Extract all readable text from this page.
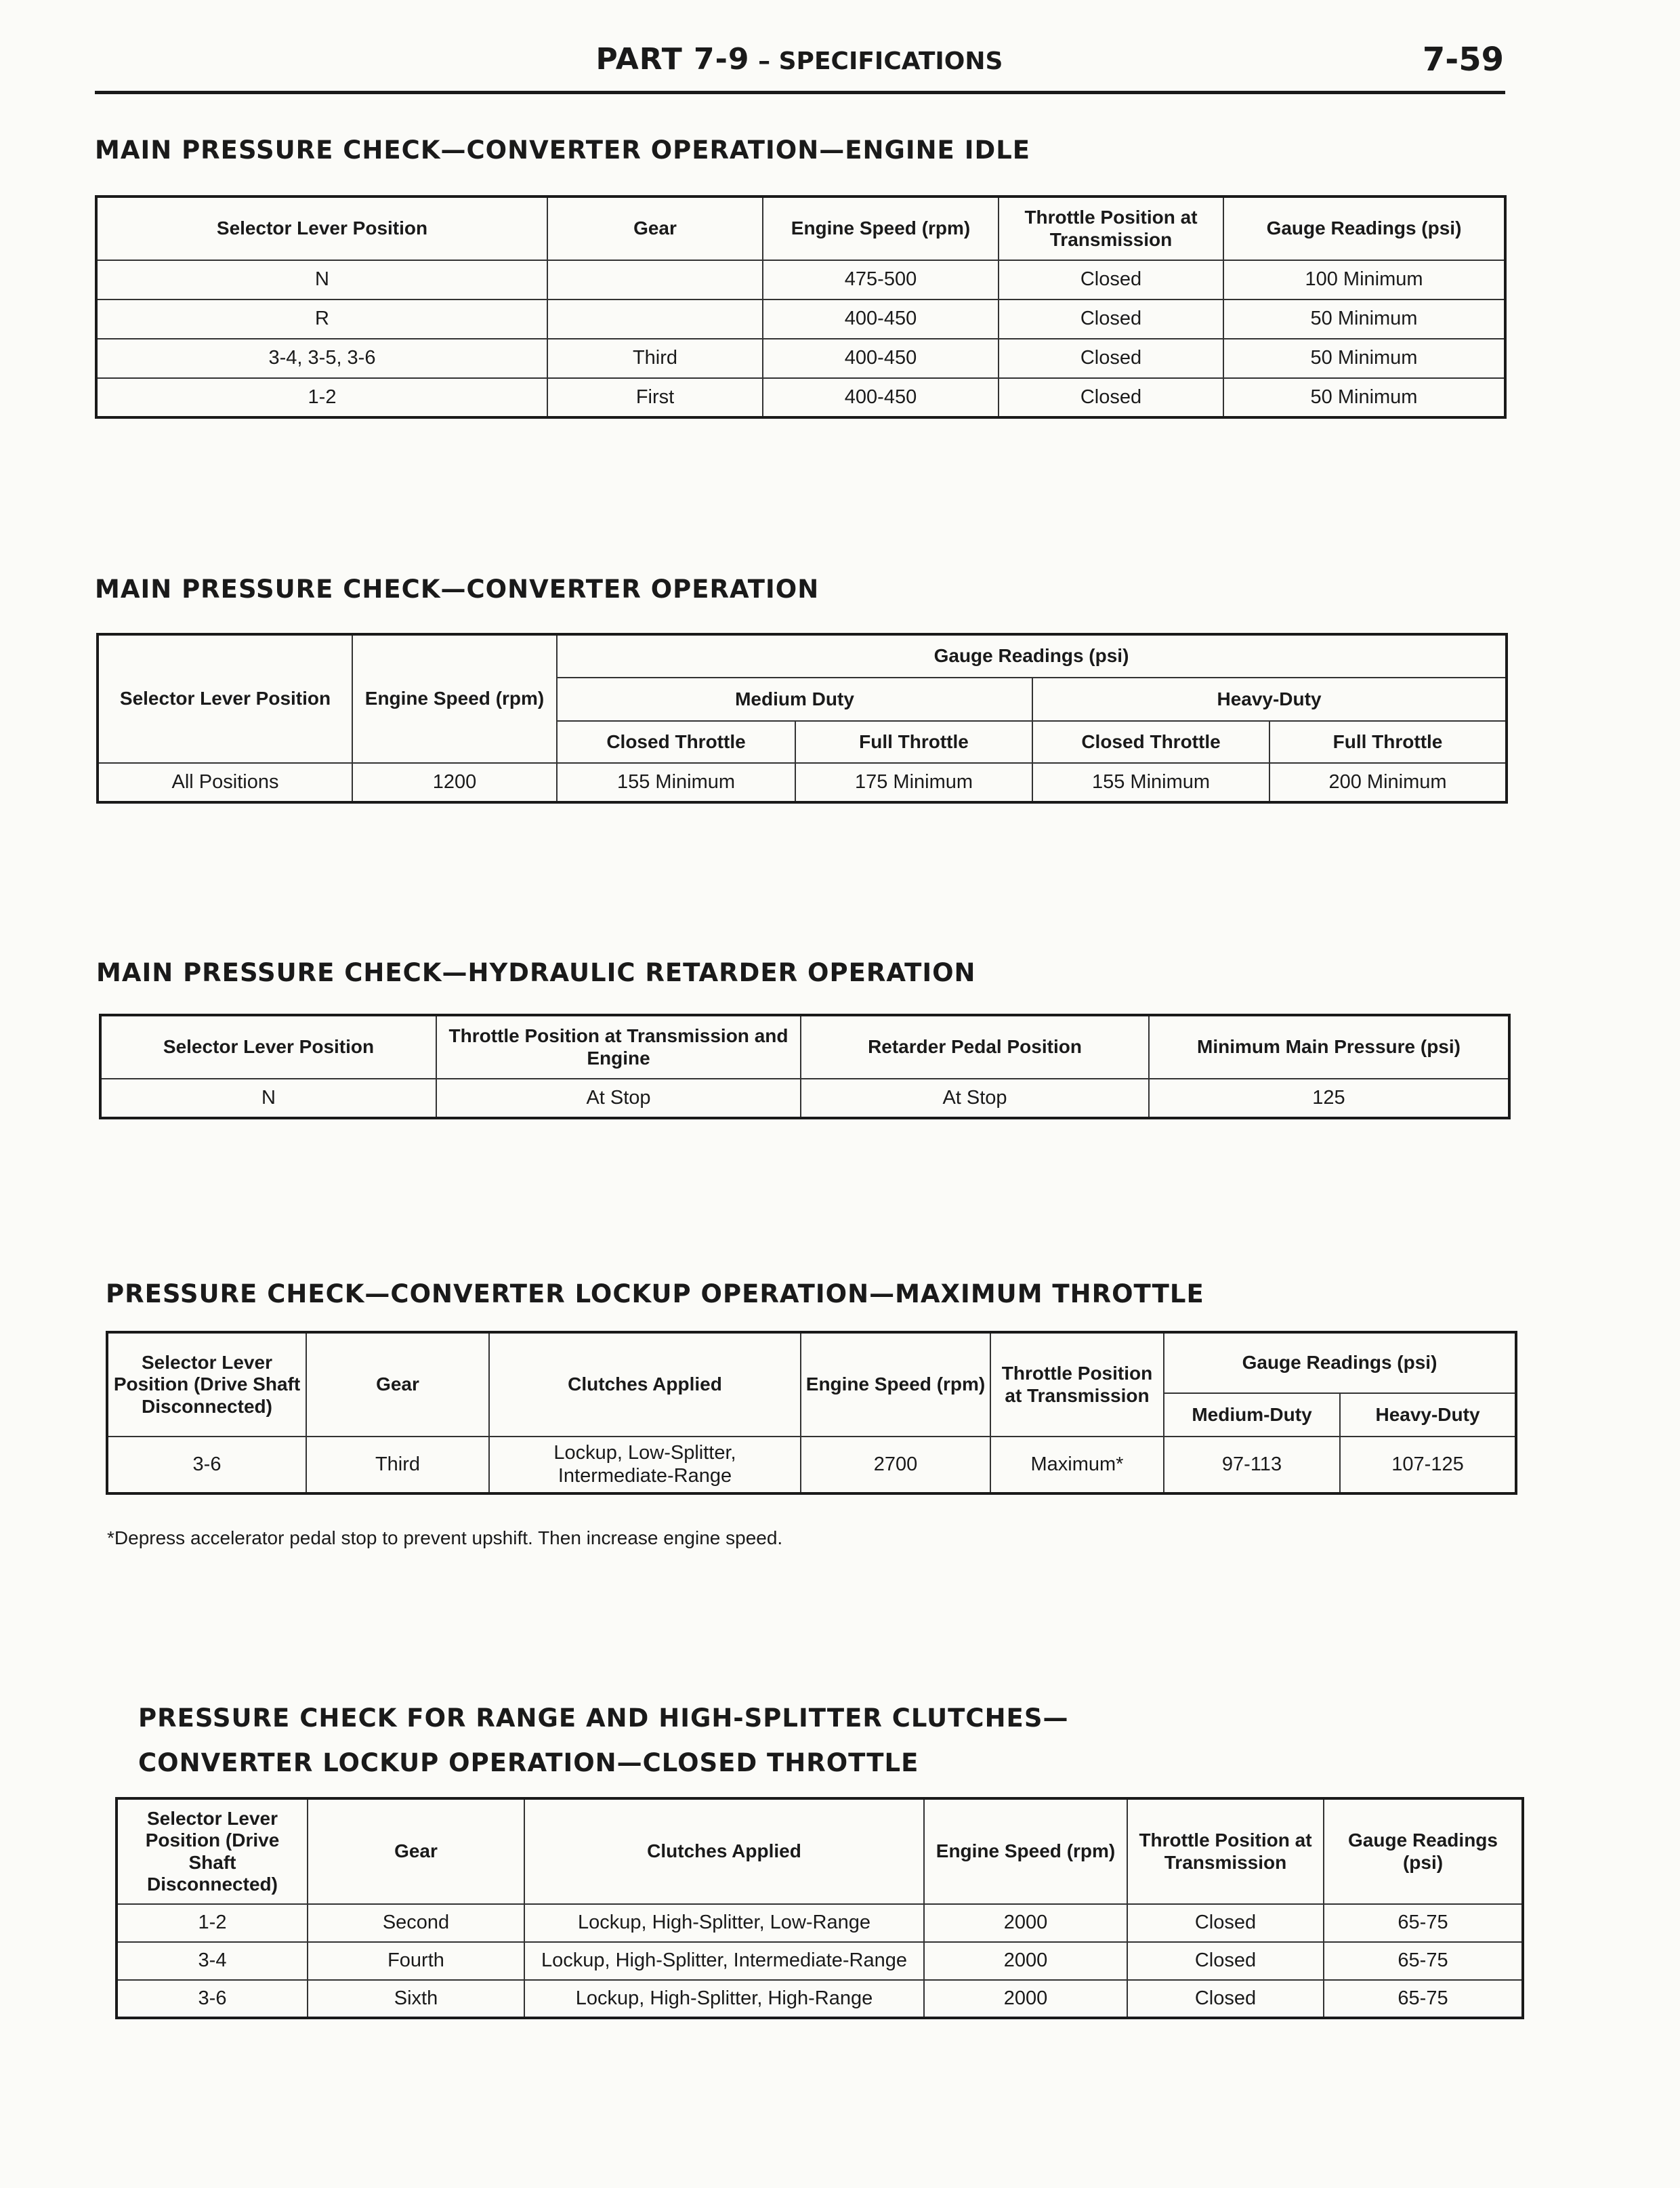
PART 7-9 – SPECIFICATIONS	7-59
MAIN PRESSURE CHECK—CONVERTER OPERATION—ENGINE IDLE
Selector Lever Position	Gear	Engine Speed (rpm)	Throttle Position at Transmission	Gauge Readings (psi)
N		475-500	Closed	100 Minimum
R		400-450	Closed	50 Minimum
3-4, 3-5, 3-6	Third	400-450	Closed	50 Minimum
1-2	First	400-450	Closed	50 Minimum
MAIN PRESSURE CHECK—CONVERTER OPERATION
Selector Lever Position	Engine Speed (rpm)	Gauge Readings (psi)			
		Medium Duty		Heavy-Duty	
		Closed Throttle	Full Throttle	Closed Throttle	Full Throttle
All Positions	1200	155 Minimum	175 Minimum	155 Minimum	200 Minimum
MAIN PRESSURE CHECK—HYDRAULIC RETARDER OPERATION
Selector Lever Position	Throttle Position at Transmission and Engine	Retarder Pedal Position	Minimum Main Pressure (psi)
N	At Stop	At Stop	125
PRESSURE CHECK—CONVERTER LOCKUP OPERATION—MAXIMUM THROTTLE
Selector Lever Position (Drive Shaft Disconnected)	Gear	Clutches Applied	Engine Speed (rpm)	Throttle Position at Transmission	Gauge Readings (psi)	
					Medium-Duty	Heavy-Duty
3-6	Third	Lockup, Low-Splitter, Intermediate-Range	2700	Maximum*	97-113	107-125
*Depress accelerator pedal stop to prevent upshift. Then increase engine speed.
PRESSURE CHECK FOR RANGE AND HIGH-SPLITTER CLUTCHES—
CONVERTER LOCKUP OPERATION—CLOSED THROTTLE
Selector Lever Position (Drive Shaft Disconnected)	Gear	Clutches Applied	Engine Speed (rpm)	Throttle Position at Transmission	Gauge Readings (psi)
1-2	Second	Lockup, High-Splitter, Low-Range	2000	Closed	65-75
3-4	Fourth	Lockup, High-Splitter, Intermediate-Range	2000	Closed	65-75
3-6	Sixth	Lockup, High-Splitter, High-Range	2000	Closed	65-75
